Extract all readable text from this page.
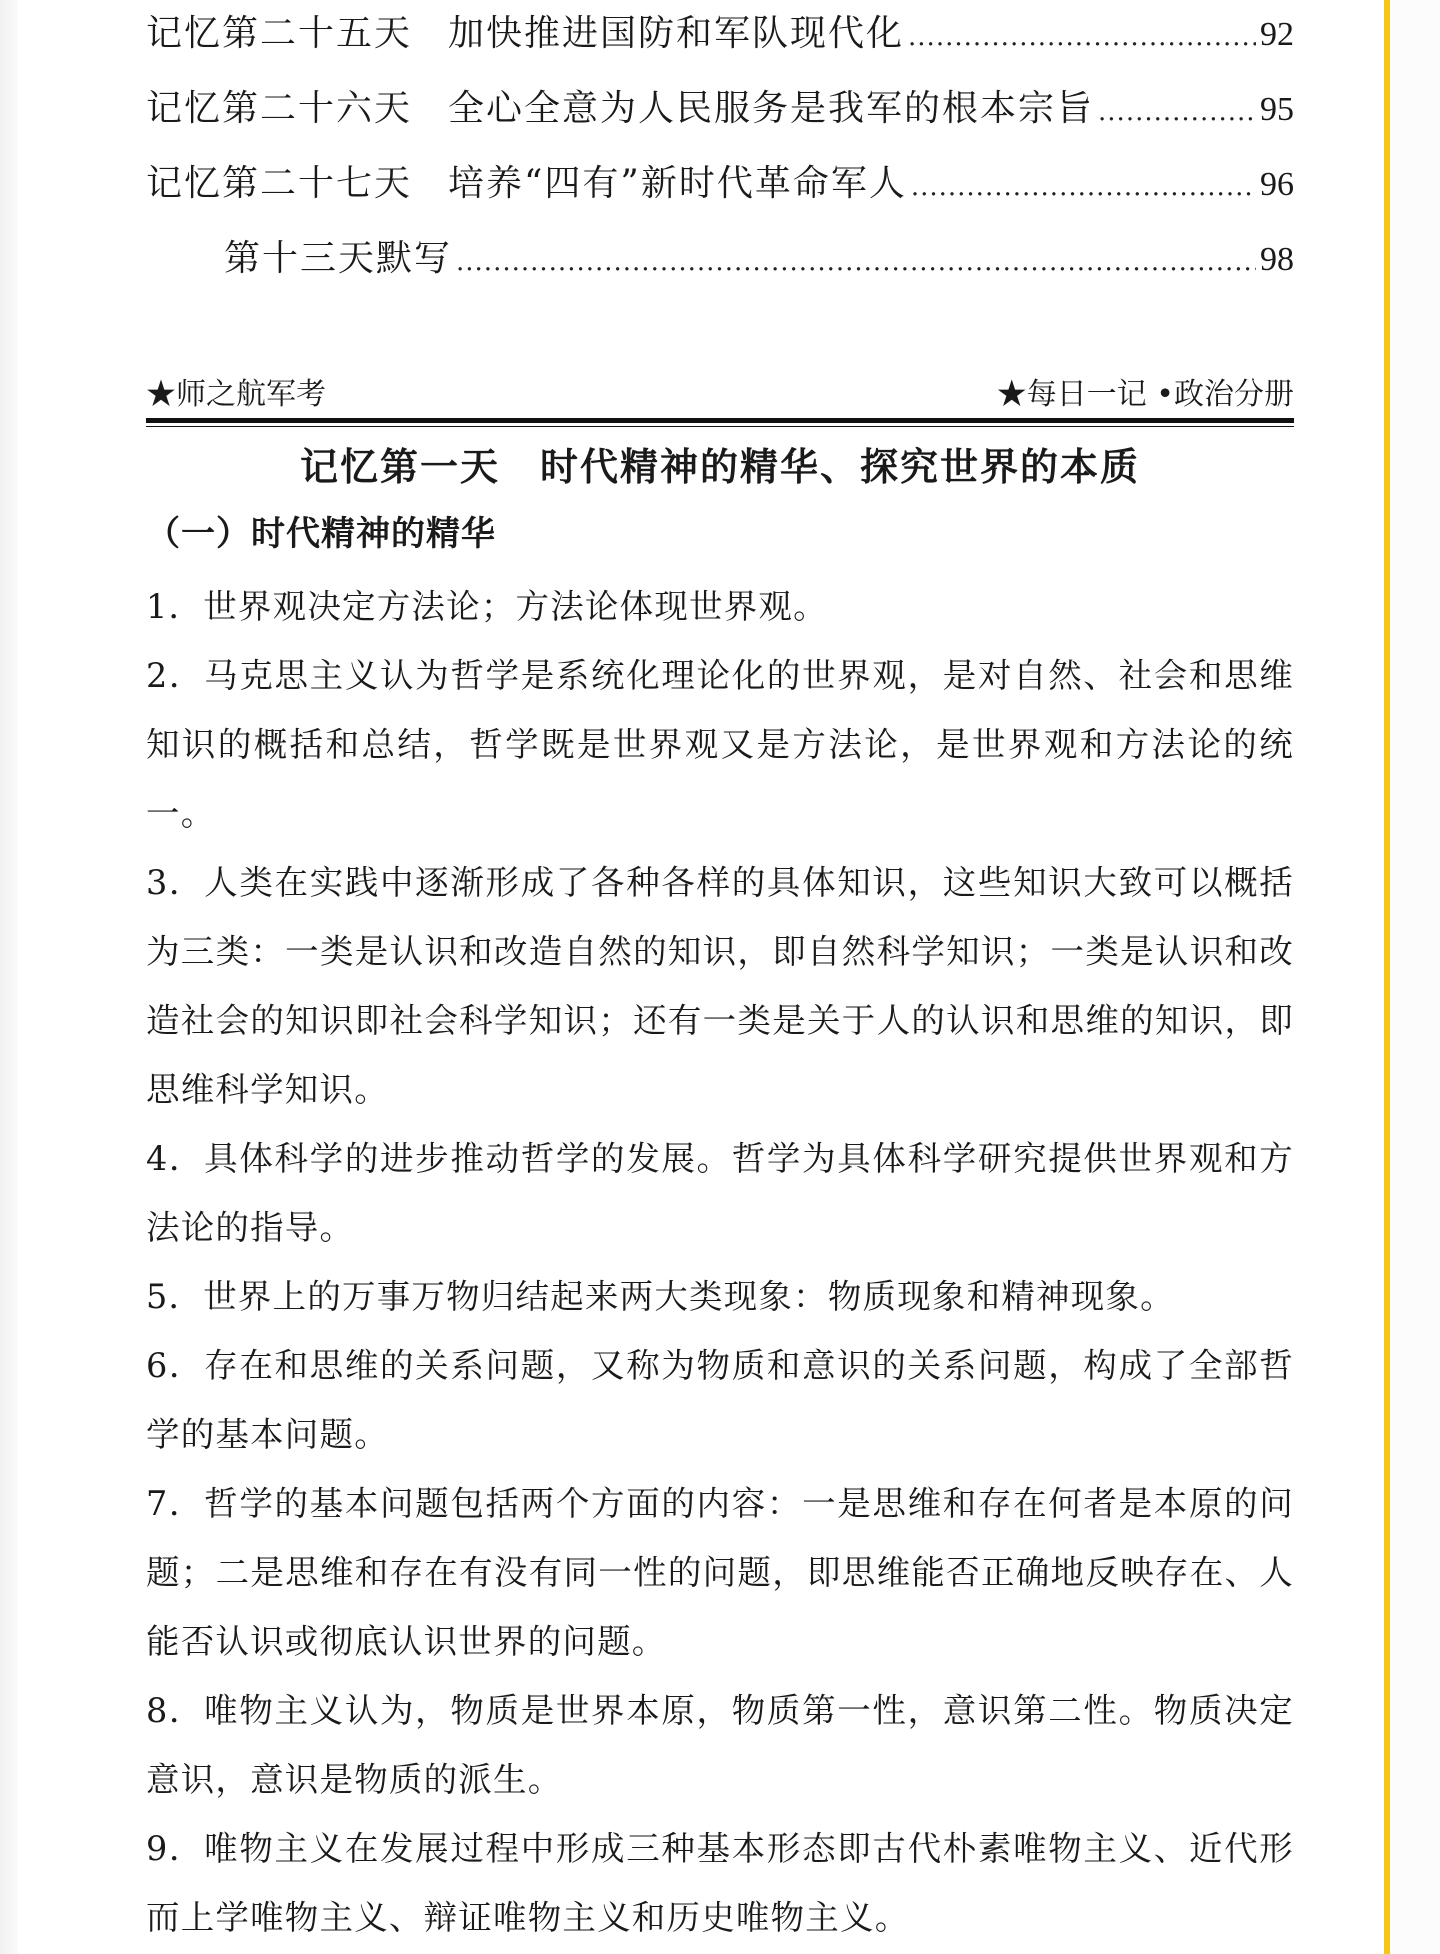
记忆第二十五天 加快推进国防和军队现代化 .....	92
记忆第二十六天 全心全意为人民服务是我军的根本宗旨 .....	95
记忆第二十七天 培养“四有”新时代革命军人 .....	96
第十三天默写 .....	98
★师之航军考	★每日一记 •政治分册
记忆第一天　时代精神的精华、探究世界的本质
（一）时代精神的精华

1．世界观决定方法论；方法论体现世界观。

2．马克思主义认为哲学是系统化理论化的世界观，是对自然、社会和思维知识的概括和总结，哲学既是世界观又是方法论，是世界观和方法论的统一。

3．人类在实践中逐渐形成了各种各样的具体知识，这些知识大致可以概括为三类：一类是认识和改造自然的知识，即自然科学知识；一类是认识和改造社会的知识即社会科学知识；还有一类是关于人的认识和思维的知识，即思维科学知识。

4．具体科学的进步推动哲学的发展。哲学为具体科学研究提供世界观和方法论的指导。

5．世界上的万事万物归结起来两大类现象：物质现象和精神现象。

6．存在和思维的关系问题，又称为物质和意识的关系问题，构成了全部哲学的基本问题。

7．哲学的基本问题包括两个方面的内容：一是思维和存在何者是本原的问题；二是思维和存在有没有同一性的问题，即思维能否正确地反映存在、人能否认识或彻底认识世界的问题。

8．唯物主义认为，物质是世界本原，物质第一性，意识第二性。物质决定意识，意识是物质的派生。

9．唯物主义在发展过程中形成三种基本形态即古代朴素唯物主义、近代形而上学唯物主义、辩证唯物主义和历史唯物主义。
